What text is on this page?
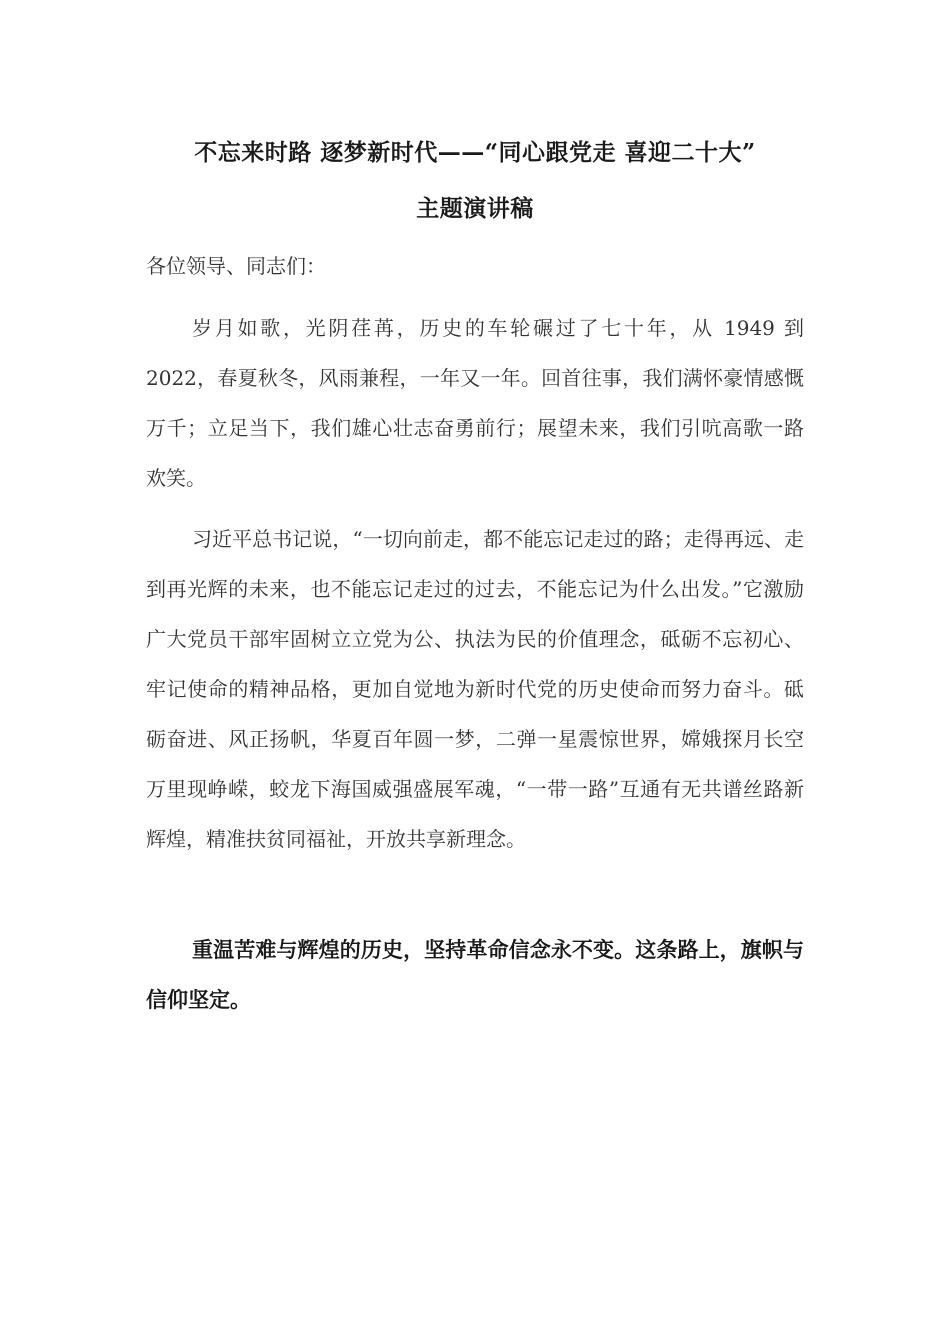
不忘来时路 逐梦新时代——“同心跟党走 喜迎二十大”
主题演讲稿
各位领导、同志们：
岁月如歌，光阴荏苒，历史的车轮碾过了七十年，从 1949 到 2022，春夏秋冬，风雨兼程，一年又一年。回首往事，我们满怀豪情感慨万千；立足当下，我们雄心壮志奋勇前行；展望未来，我们引吭高歌一路欢笑。
习近平总书记说，“一切向前走，都不能忘记走过的路；走得再远、走到再光辉的未来，也不能忘记走过的过去，不能忘记为什么出发。”它激励广大党员干部牢固树立立党为公、执法为民的价值理念，砥砺不忘初心、牢记使命的精神品格，更加自觉地为新时代党的历史使命而努力奋斗。砥砺奋进、风正扬帆，华夏百年圆一梦，二弹一星震惊世界，嫦娥探月长空万里现峥嵘，蛟龙下海国威强盛展军魂，“一带一路”互通有无共谱丝路新辉煌，精准扶贫同福祉，开放共享新理念。
重温苦难与辉煌的历史，坚持革命信念永不变。这条路上，旗帜与信仰坚定。
